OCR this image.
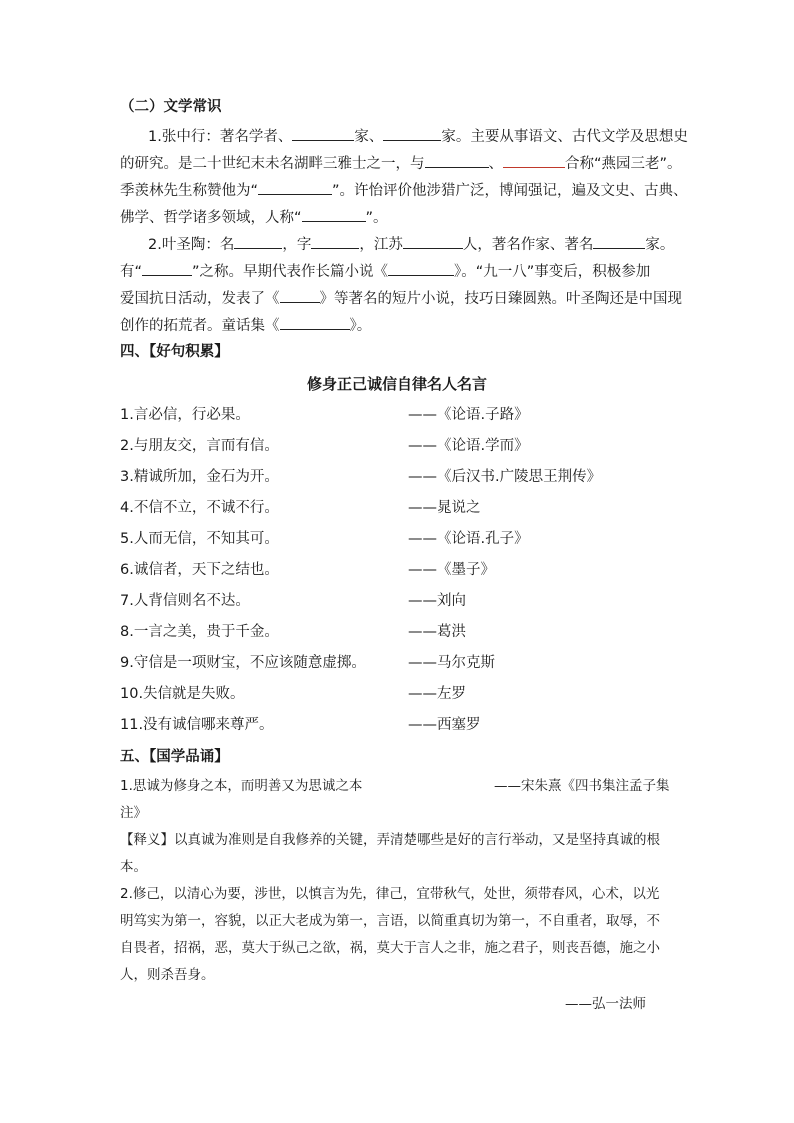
（二）文学常识
1.张中行：著名学者、	家、	家。主要从事语文、古代文学及思想史
的研究。是二十世纪末未名湖畔三雅士之一，与	、	合称“燕园三老”。
季羡林先生称赞他为“	”。许怡评价他涉猎广泛，博闻强记，遍及文史、古典、
佛学、哲学诸多领域，人称“	”。
2.叶圣陶：名	，字	，江苏	人，著名作家、著名	家。
有“	”之称。早期代表作长篇小说《	》。“九一八”事变后，积极参加
爱国抗日活动，发表了《	》等著名的短片小说，技巧日臻圆熟。叶圣陶还是中国现
创作的拓荒者。童话集《	》。
四、【好句积累】
修身正己诚信自律名人名言
1.言必信，行必果。	——《论语.子路》
2.与朋友交，言而有信。	——《论语.学而》
3.精诚所加，金石为开。	——《后汉书.广陵思王荆传》
4.不信不立，不诚不行。	——晁说之
5.人而无信，不知其可。	——《论语.孔子》
6.诚信者，天下之结也。	——《墨子》
7.人背信则名不达。	——刘向
8.一言之美，贵于千金。	——葛洪
9.守信是一项财宝，不应该随意虚掷。	——马尔克斯
10.失信就是失败。	——左罗
11.没有诚信哪来尊严。	——西塞罗
五、【国学品诵】
1.思诚为修身之本，而明善又为思诚之本	——宋朱熹《四书集注孟子集
注》
【释义】以真诚为准则是自我修养的关键，弄清楚哪些是好的言行举动，又是坚持真诚的根
本。
2.修己，以清心为要，涉世，以慎言为先，律己，宜带秋气，处世，须带春风，心术，以光
明笃实为第一，容貌，以正大老成为第一，言语，以简重真切为第一，不自重者，取辱，不
自畏者，招祸，恶，莫大于纵己之欲，祸，莫大于言人之非，施之君子，则丧吾德，施之小
人，则杀吾身。
——弘一法师
